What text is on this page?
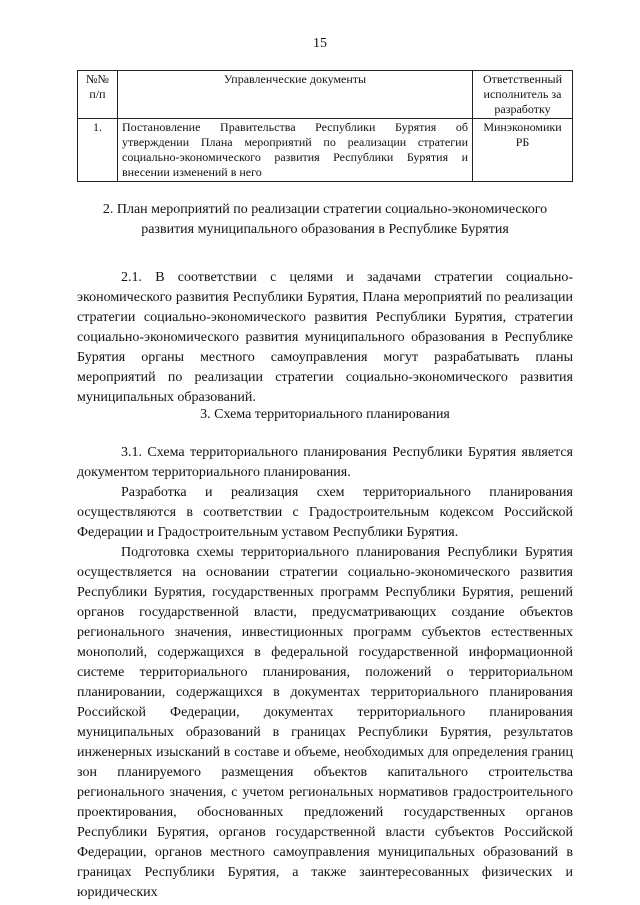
15
№№ п/п	Управленческие документы	Ответственный исполнитель за разработку
1.	Постановление Правительства Республики Бурятия об утверждении Плана мероприятий по реализации стратегии социально-экономического развития Республики Бурятия и внесении изменений в него	Минэкономики РБ
2. План мероприятий по реализации стратегии социально-экономического развития муниципального образования в Республике Бурятия

2.1. В соответствии с целями и задачами стратегии социально-экономического развития Республики Бурятия, Плана мероприятий по реализации стратегии социально-экономического развития Республики Бурятия, стратегии социально-экономического развития муниципального образования в Республике Бурятия органы местного самоуправления могут разрабатывать планы мероприятий по реализации стратегии социально-экономического развития муниципальных образований.

3. Схема территориального планирования

3.1. Схема территориального планирования Республики Бурятия является документом территориального планирования.

Разработка и реализация схем территориального планирования осуществляются в соответствии с Градостроительным кодексом Российской Федерации и Градостроительным уставом Республики Бурятия.

Подготовка схемы территориального планирования Республики Бурятия осуществляется на основании стратегии социально-экономического развития Республики Бурятия, государственных программ Республики Бурятия, решений органов государственной власти, предусматривающих создание объектов регионального значения, инвестиционных программ субъектов естественных монополий, содержащихся в федеральной государственной информационной системе территориального планирования, положений о территориальном планировании, содержащихся в документах территориального планирования Российской Федерации, документах территориального планирования муниципальных образований в границах Республики Бурятия, результатов инженерных изысканий в составе и объеме, необходимых для определения границ зон планируемого размещения объектов капитального строительства регионального значения, с учетом региональных нормативов градостроительного проектирования, обоснованных предложений государственных органов Республики Бурятия, органов государственной власти субъектов Российской Федерации, органов местного самоуправления муниципальных образований в границах Республики Бурятия, а также заинтересованных физических и юридических
